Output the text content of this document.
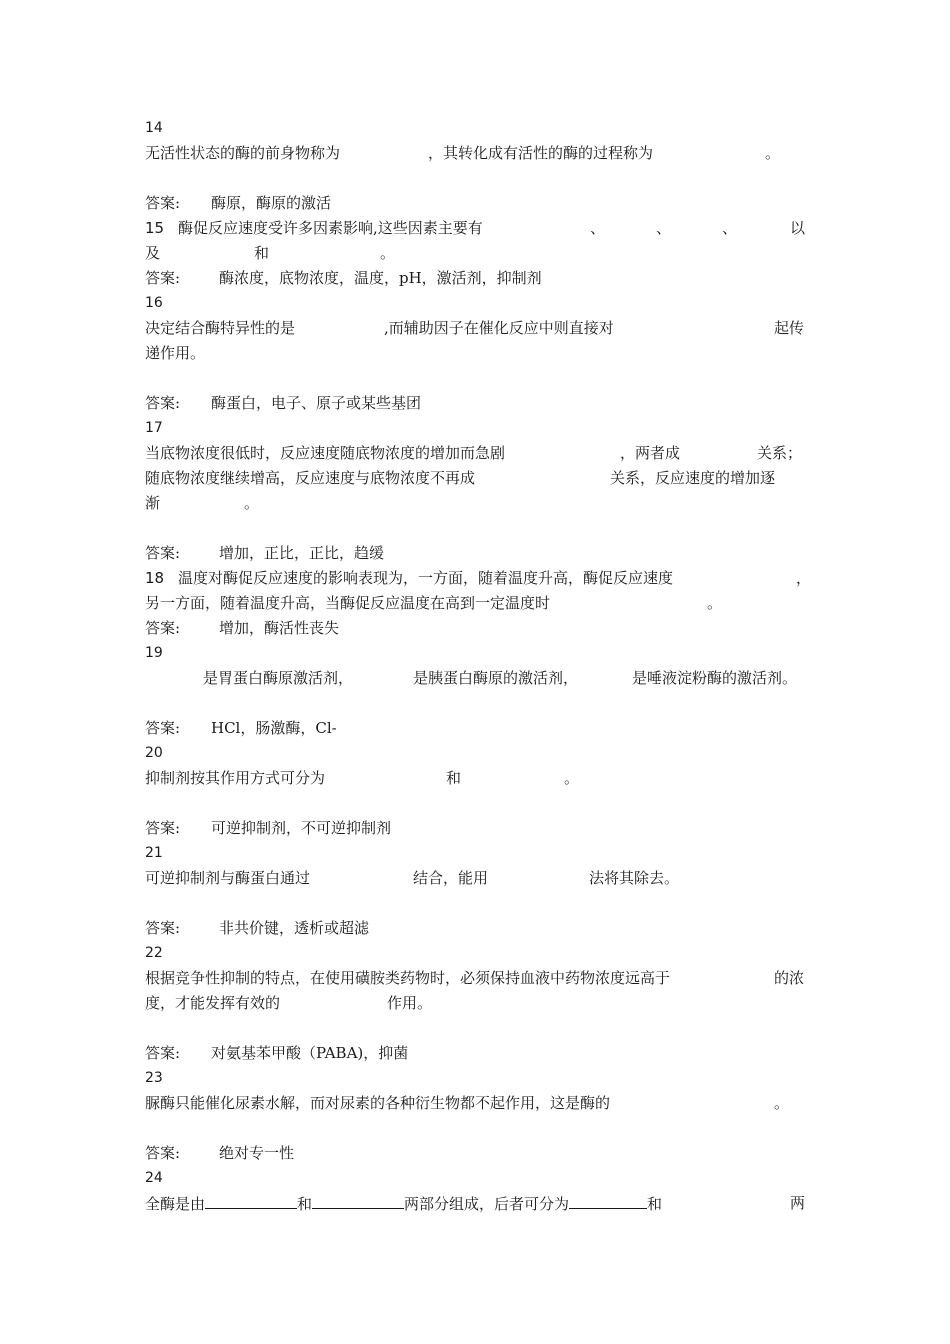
14
无活性状态的酶的前身物称为	，其转化成有活性的酶的过程称为	。
答案: 酶原，酶原的激活
15 酶促反应速度受许多因素影响,这些因素主要有	、	、	、	以
及	和	。
答案:	酶浓度，底物浓度，温度，pH，激活剂，抑制剂
16
决定结合酶特异性的是	,而辅助因子在催化反应中则直接对	起传
递作用。
答案: 酶蛋白，电子、原子或某些基团
17
当底物浓度很低时，反应速度随底物浓度的增加而急剧	，两者成	关系；
随底物浓度继续增高，反应速度与底物浓度不再成	关系，反应速度的增加逐
渐	。
答案:	增加，正比，正比，趋缓
18 温度对酶促反应速度的影响表现为，一方面，随着温度升高，酶促反应速度	，
另一方面，随着温度升高，当酶促反应温度在高到一定温度时	。
答案:	增加，酶活性丧失
19
是胃蛋白酶原激活剂，	是胰蛋白酶原的激活剂，	是唾液淀粉酶的激活剂。
答案: HCl，肠激酶，Cl-
20
抑制剂按其作用方式可分为	和	。
答案: 可逆抑制剂，不可逆抑制剂
21
可逆抑制剂与酶蛋白通过	结合，能用	法将其除去。
答案:	非共价键，透析或超滤
22
根据竞争性抑制的特点，在使用磺胺类药物时，必须保持血液中药物浓度远高于	的浓
度，才能发挥有效的	作用。
答案: 对氨基苯甲酸（PABA)，抑菌
23
脲酶只能催化尿素水解，而对尿素的各种衍生物都不起作用，这是酶的	。
答案:	绝对专一性
24
全酶是由	和	两部分组成，后者可分为	和	两
